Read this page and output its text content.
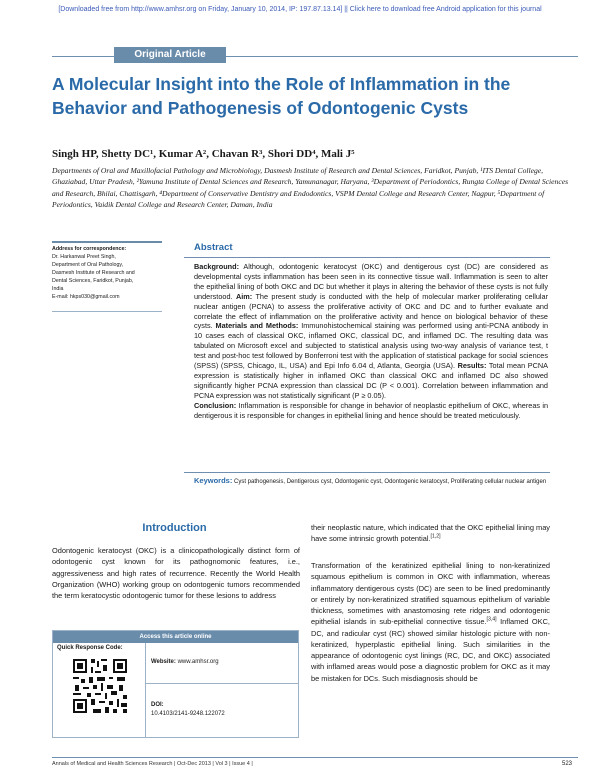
[Downloaded free from http://www.amhsr.org on Friday, January 10, 2014, IP: 197.87.13.14] || Click here to download free Android application for this journal
Original Article
A Molecular Insight into the Role of Inflammation in the Behavior and Pathogenesis of Odontogenic Cysts
Singh HP, Shetty DC¹, Kumar A², Chavan R³, Shori DD⁴, Mali J⁵
Departments of Oral and Maxillofacial Pathology and Microbiology, Dasmesh Institute of Research and Dental Sciences, Faridkot, Punjab, ¹ITS Dental College, Ghaziabad, Uttar Pradesh, ²Yamuna Institute of Dental Sciences and Research, Yamunanagar, Haryana, ³Department of Periodontics, Rungta College of Dental Sciences and Research, Bhilai, Chattisgarh, ⁴Department of Conservative Dentistry and Endodontics, VSPM Dental College and Research Center, Nagpur, ⁵Department of Periodontics, Vaidik Dental College and Research Center, Daman, India
Address for correspondence:
Dr. Harkanwal Preet Singh,
Department of Oral Pathology,
Dasmesh Institute of Research and
Dental Sciences, Faridkot, Punjab,
India
E-mail: hkps030@gmail.com
Abstract
Background: Although, odontogenic keratocyst (OKC) and dentigerous cyst (DC) are considered as developmental cysts inflammation has been seen in its connective tissue wall. Inflammation is seen to alter the epithelial lining of both OKC and DC but whether it plays in altering the behavior of these cysts is not fully understood. Aim: The present study is conducted with the help of molecular marker proliferating cellular nuclear antigen (PCNA) to assess the proliferative activity of OKC and DC and to further evaluate and correlate the effect of inflammation on the proliferative activity and hence on biological behavior of these cysts. Materials and Methods: Immunohistochemical staining was performed using anti-PCNA antibody in 10 cases each of classical OKC, inflamed OKC, classical DC, and inflamed DC. The resulting data was tabulated on Microsoft excel and subjected to statistical analysis using two-way analysis of variance test, t test and post-hoc test followed by Bonferroni test with the application of statistical package for social sciences (SPSS) (SPSS, Chicago, IL, USA) and Epi Info 6.04 d, Atlanta, Georgia (USA). Results: Total mean PCNA expression is statistically higher in inflamed OKC than classical OKC and inflamed DC also showed significantly higher PCNA expression than classical DC (P < 0.001). Correlation between inflammation and PCNA expression was not statistically significant (P ≥ 0.05).
Conclusion: Inflammation is responsible for change in behavior of neoplastic epithelium of OKC, whereas in dentigerous it is responsible for changes in epithelial lining and hence should be treated meticulously.
Keywords: Cyst pathogenesis, Dentigerous cyst, Odontogenic cyst, Odontogenic keratocyst, Proliferating cellular nuclear antigen
Introduction
Odontogenic keratocyst (OKC) is a clinicopathologically distinct form of odontogenic cyst known for its pathognomonic features, i.e., aggressiveness and high rates of recurrence. Recently the World Health Organization (WHO) working group on odontogenic tumors recommended the term keratocystic odontogenic tumor for these lesions to address
their neoplastic nature, which indicated that the OKC epithelial lining may have some intrinsic growth potential.[1,2]
Transformation of the keratinized epithelial lining to non-keratinized squamous epithelium is common in OKC with inflammation, whereas inflammatory dentigerous cysts (DC) are seen to be lined predominantly or entirely by non-keratinized stratified squamous epithelium of variable thickness, sometimes with anastomosing rete ridges and odontogenic epithelial islands in sub-epithelial connective tissue.[3,4] Inflamed OKC, DC, and radicular cyst (RC) showed similar histologic picture with non-keratinized, hyperplastic epithelial lining. Such similarities in the appearance of odontogenic cyst linings (RC, DC, and OKC) associated with inflamed areas would pose a diagnostic problem for OKC as it may be mistaken for DCs. Such misdiagnosis should be
Access this article online
Quick Response Code:
Website: www.amhsr.org
DOI:
10.4103/2141-9248.122072
Annals of Medical and Health Sciences Research | Oct-Dec 2013 | Vol 3 | Issue 4 |	523
